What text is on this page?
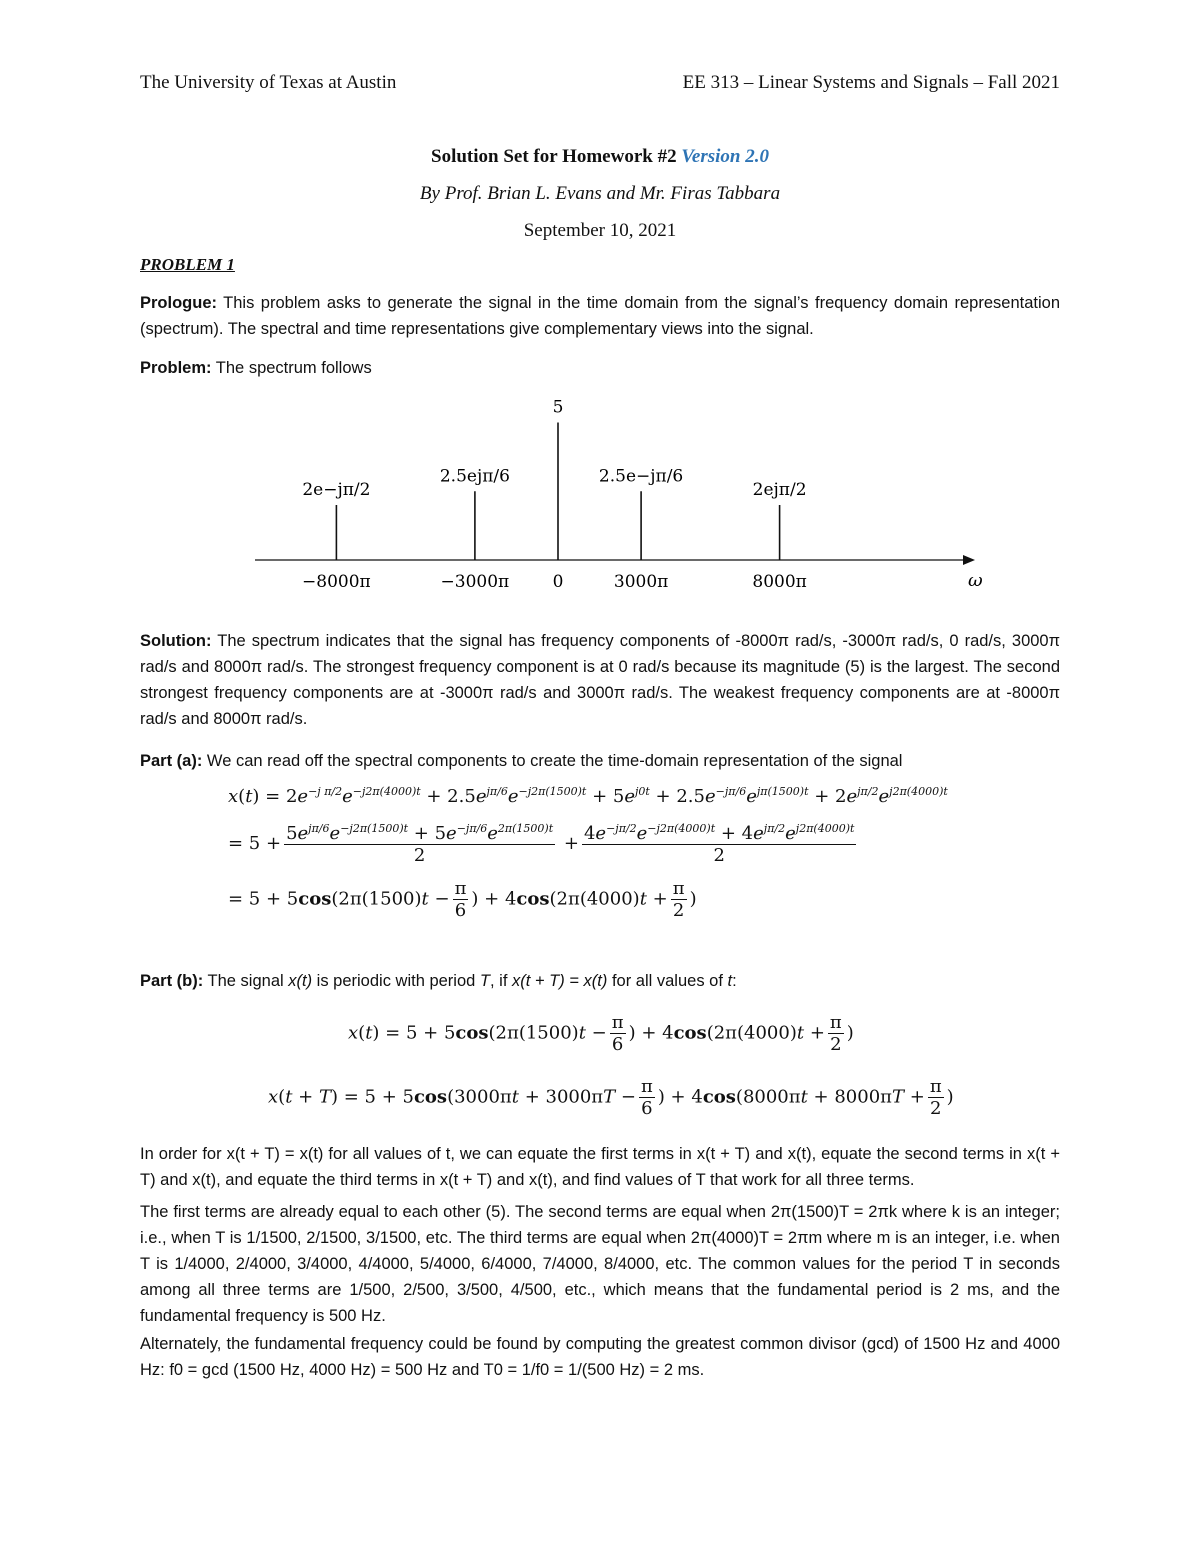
The University of Texas at Austin	EE 313 – Linear Systems and Signals – Fall 2021
Solution Set for Homework #2 Version 2.0
By Prof. Brian L. Evans and Mr. Firas Tabbara
September 10, 2021
PROBLEM 1
Prologue: This problem asks to generate the signal in the time domain from the signal’s frequency domain representation (spectrum). The spectral and time representations give complementary views into the signal.
Problem: The spectrum follows
ω
−8000π
2e−jπ/2
−3000π
2.5ejπ/6
0
5
3000π
2.5e−jπ/6
8000π
2ejπ/2
Solution: The spectrum indicates that the signal has frequency components of -8000π rad/s, -3000π rad/s, 0 rad/s, 3000π rad/s and 8000π rad/s. The strongest frequency component is at 0 rad/s because its magnitude (5) is the largest. The second strongest frequency components are at -3000π rad/s and 3000π rad/s. The weakest frequency components are at -8000π rad/s and 8000π rad/s.
Part (a): We can read off the spectral components to create the time-domain representation of the signal
$x(t) = 2e^{-j \pi/2}e^{-j2\pi(4000)t} + 2.5e^{j\pi/6}e^{-j2\pi(1500)t} + 5e^{j0t} + 2.5e^{-j\pi/6}e^{j\pi(1500)t} + 2e^{j\pi/2}e^{j2\pi(4000)t}$
= $5 + \frac{5e^{j\pi/6}e^{-j2\pi(1500)t} + 5e^{-j\pi/6}e^{2\pi(1500)t}}{2} + \frac{4e^{-j\pi/2}e^{-j2\pi(4000)t} + 4e^{j\pi/2}e^{j2\pi(4000)t}}{2}$
= $5 + 5\cos(2\pi(1500)t - \frac{\pi}{6}$ ) + $4\cos(2\pi(4000)t + \frac{\pi}{2}$ )
Part (b): The signal x(t) is periodic with period T, if x(t + T) = x(t) for all values of t:
$x(t) = 5 + 5\cos(2\pi(1500)t - \frac{\pi}{6}$ ) + $4\cos(2\pi(4000)t + \frac{\pi}{2}$ )
$x(t + T) = 5 + 5\cos(3000\pi t + 3000\pi T - \frac{\pi}{6}$ ) + $4\cos(8000\pi t + 8000\pi T + \frac{\pi}{2}$ )
In order for x(t + T) = x(t) for all values of t, we can equate the first terms in x(t + T) and x(t), equate the second terms in x(t + T) and x(t), and equate the third terms in x(t + T) and x(t), and find values of T that work for all three terms.
The first terms are already equal to each other (5). The second terms are equal when 2π(1500)T = 2πk where k is an integer; i.e., when T is 1/1500, 2/1500, 3/1500, etc. The third terms are equal when 2π(4000)T = 2πm where m is an integer, i.e. when T is 1/4000, 2/4000, 3/4000, 4/4000, 5/4000, 6/4000, 7/4000, 8/4000, etc. The common values for the period T in seconds among all three terms are 1/500, 2/500, 3/500, 4/500, etc., which means that the fundamental period is 2 ms, and the fundamental frequency is 500 Hz.
Alternately, the fundamental frequency could be found by computing the greatest common divisor (gcd) of 1500 Hz and 4000 Hz: f0 = gcd (1500 Hz, 4000 Hz) = 500 Hz and T0 = 1/f0 = 1/(500 Hz) = 2 ms.
